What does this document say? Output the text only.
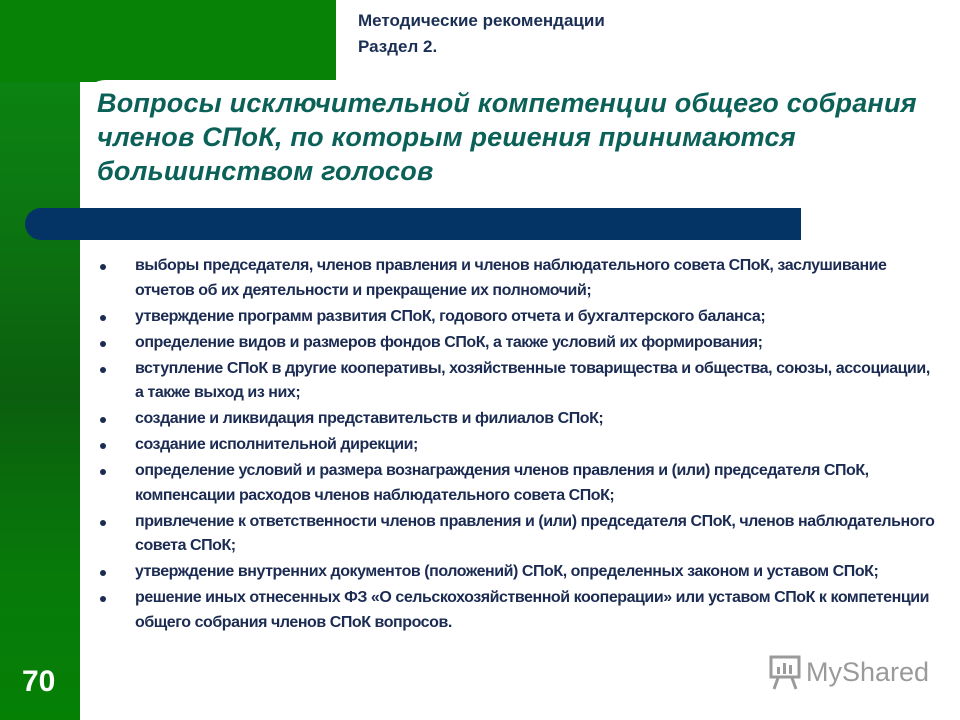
Методические рекомендации
Раздел 2.
Вопросы исключительной компетенции общего собрания членов СПоК, по которым решения принимаются большинством голосов
выборы председателя, членов правления и членов наблюдательного совета СПоК, заслушивание отчетов об их деятельности и прекращение их полномочий;
утверждение программ развития СПоК, годового отчета и бухгалтерского баланса;
определение видов и размеров фондов СПоК, а также условий их формирования;
вступление СПоК в другие кооперативы, хозяйственные товарищества и общества, союзы, ассоциации, а также выход из них;
создание и ликвидация представительств и филиалов СПоК;
создание исполнительной дирекции;
определение условий и размера вознаграждения членов правления и (или) председателя СПоК, компенсации расходов членов наблюдательного совета СПоК;
привлечение к ответственности членов правления и (или) председателя СПоК, членов наблюдательного совета СПоК;
утверждение внутренних документов (положений) СПоК, определенных законом и уставом СПоК;
решение иных отнесенных ФЗ «О сельскохозяйственной кооперации» или уставом СПоК к компетенции общего собрания членов СПоК вопросов.
70	MyShared
